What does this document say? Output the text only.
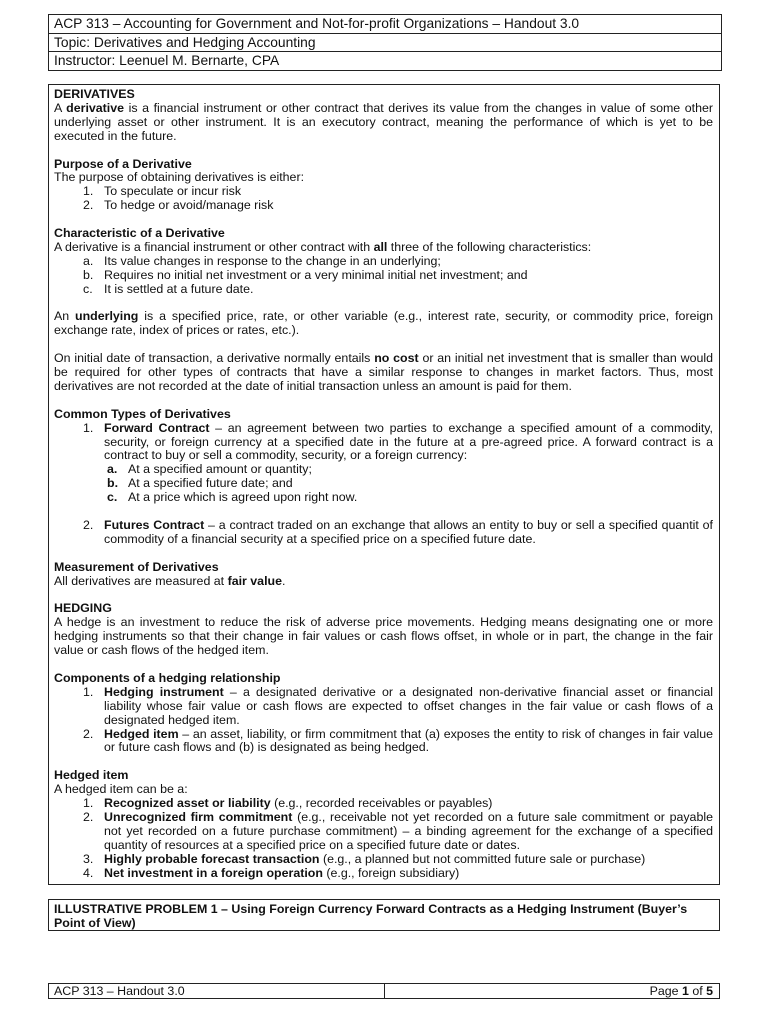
ACP 313 – Accounting for Government and Not-for-profit Organizations – Handout 3.0
Topic: Derivatives and Hedging Accounting
Instructor: Leenuel M. Bernarte, CPA

DERIVATIVES

A derivative is a financial instrument or other contract that derives its value from the changes in value of some other underlying asset or other instrument. It is an executory contract, meaning the performance of which is yet to be executed in the future.

Purpose of a Derivative

The purpose of obtaining derivatives is either:

1. To speculate or incur risk
2. To hedge or avoid/manage risk

Characteristic of a Derivative

A derivative is a financial instrument or other contract with all three of the following characteristics:

a. Its value changes in response to the change in an underlying;
b. Requires no initial net investment or a very minimal initial net investment; and
c. It is settled at a future date.

An underlying is a specified price, rate, or other variable (e.g., interest rate, security, or commodity price, foreign exchange rate, index of prices or rates, etc.).

On initial date of transaction, a derivative normally entails no cost or an initial net investment that is smaller than would be required for other types of contracts that have a similar response to changes in market factors. Thus, most derivatives are not recorded at the date of initial transaction unless an amount is paid for them.

Common Types of Derivatives

1. Forward Contract – an agreement between two parties to exchange a specified amount of a commodity, security, or foreign currency at a specified date in the future at a pre-agreed price. A forward contract is a contract to buy or sell a commodity, security, or a foreign currency:
a. At a specified amount or quantity;
b. At a specified future date; and
c. At a price which is agreed upon right now.
2. Futures Contract – a contract traded on an exchange that allows an entity to buy or sell a specified quantit of commodity of a financial security at a specified price on a specified future date.

Measurement of Derivatives

All derivatives are measured at fair value.

HEDGING

A hedge is an investment to reduce the risk of adverse price movements. Hedging means designating one or more hedging instruments so that their change in fair values or cash flows offset, in whole or in part, the change in the fair value or cash flows of the hedged item.

Components of a hedging relationship

1. Hedging instrument – a designated derivative or a designated non-derivative financial asset or financial liability whose fair value or cash flows are expected to offset changes in the fair value or cash flows of a designated hedged item.
2. Hedged item – an asset, liability, or firm commitment that (a) exposes the entity to risk of changes in fair value or future cash flows and (b) is designated as being hedged.

Hedged item

A hedged item can be a:

1. Recognized asset or liability (e.g., recorded receivables or payables)
2. Unrecognized firm commitment (e.g., receivable not yet recorded on a future sale commitment or payable not yet recorded on a future purchase commitment) – a binding agreement for the exchange of a specified quantity of resources at a specified price on a specified future date or dates.
3. Highly probable forecast transaction (e.g., a planned but not committed future sale or purchase)
4. Net investment in a foreign operation (e.g., foreign subsidiary)
ILLUSTRATIVE PROBLEM 1 – Using Foreign Currency Forward Contracts as a Hedging Instrument (Buyer’s Point of View)
ACP 313 – Handout 3.0	Page 1 of 5
